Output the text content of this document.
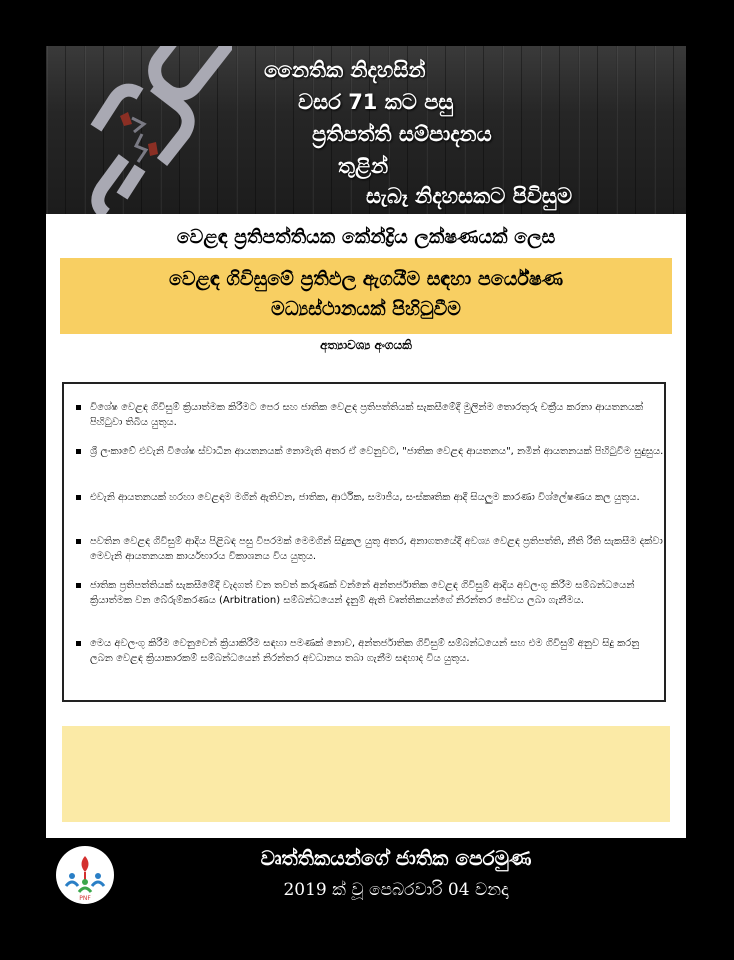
නෛතික නිදහසින්
වසර 71 කට පසු
ප්‍රතිපත්ති සම්පාදනය
තුළින්
සැබෑ නිදහසකට පිවිසුම
වෙළඳ ප්‍රතිපත්තියක කේන්ද්‍රිය ලක්ෂණයක් ලෙස
වෙළඳ ගිවිසුමේ ප්‍රතිඵල ඇගයීම සඳහා පර්යේෂණ
මධ්‍යස්ථානයක් පිහිටුවීම
අත්‍යාවශ්‍ය අංගයකි
විශේෂ වෙළඳ ගිවිසුම් ක්‍රියාත්මක කිරීමට පෙර සහ ජාතික වෙළඳ ප්‍රතිපත්තියක් සැකසීමේදී මුලින්ම තොරතුරු චක්‍රීය කරනා ආයතනයක් පිහිටුවා තිබිය යුතුය.
ශ්‍රී ලංකාවේ එවැනි විශේෂ ස්වාධීන ආයතනයක් නොමැති අතර ඒ වෙනුවට, "ජාතික වෙළඳ ආයතනය", නමින් ආයතනයක් පිහිටුවීම සුදුසුය.
එවැනි ආයතනයක් හරහා වෙළඳාම මගින් ඇතිවන, ජාතික, ආර්ථික, සමාජීය, සංස්කෘතික ආදී සියලුම කාරණා විශ්ලේෂණය කල යුතුය.
පවතින වෙළඳ ගිවිසුම් ආදිය පිළිබඳ පසු විපරමක් මෙමගින් සිදුකල යුතු අතර, අනාගතයේදී අවශ්‍ය වෙළඳ ප්‍රතිපත්ති, නීති රීති සැකසීම දක්වා මෙවැනි ආයතනයක කාර්යභාරය විකාශනය විය යුතුය.
ජාතික ප්‍රතිපත්තියක් සැකසීමේදී වැදගත් වන තවත් කරුණක් වන්නේ අන්තර්ජාතික වෙළඳ ගිවිසුම් ආදිය අවලංගු කිරීම සම්බන්ධයෙන් ක්‍රියාත්මක වන බේරුම්කරණය (Arbitration) සම්බන්ධයෙන් දැනුම් ඇති වෘත්තිකයන්ගේ නිරන්තර සේවය ලබා ගැනීමය.
මෙය අවලංගු කිරීම වෙනුවෙන් ක්‍රියාකිරීම සඳහා පමණක් නොව, අන්තර්ජාතික ගිවිසුම් සම්බන්ධයෙන් සහ එම ගිවිසුම් අනුව සිදු කරනු ලබන වෙළඳ ක්‍රියාකාරකම් සම්බන්ධයෙන් නිරන්තර අවධානය තබා ගැනීම සඳහාද විය යුතුය.
PNF
වෘත්තිකයන්ගේ ජාතික පෙරමුණ
2019 ක් වූ පෙබරවාරි 04 වනදා
